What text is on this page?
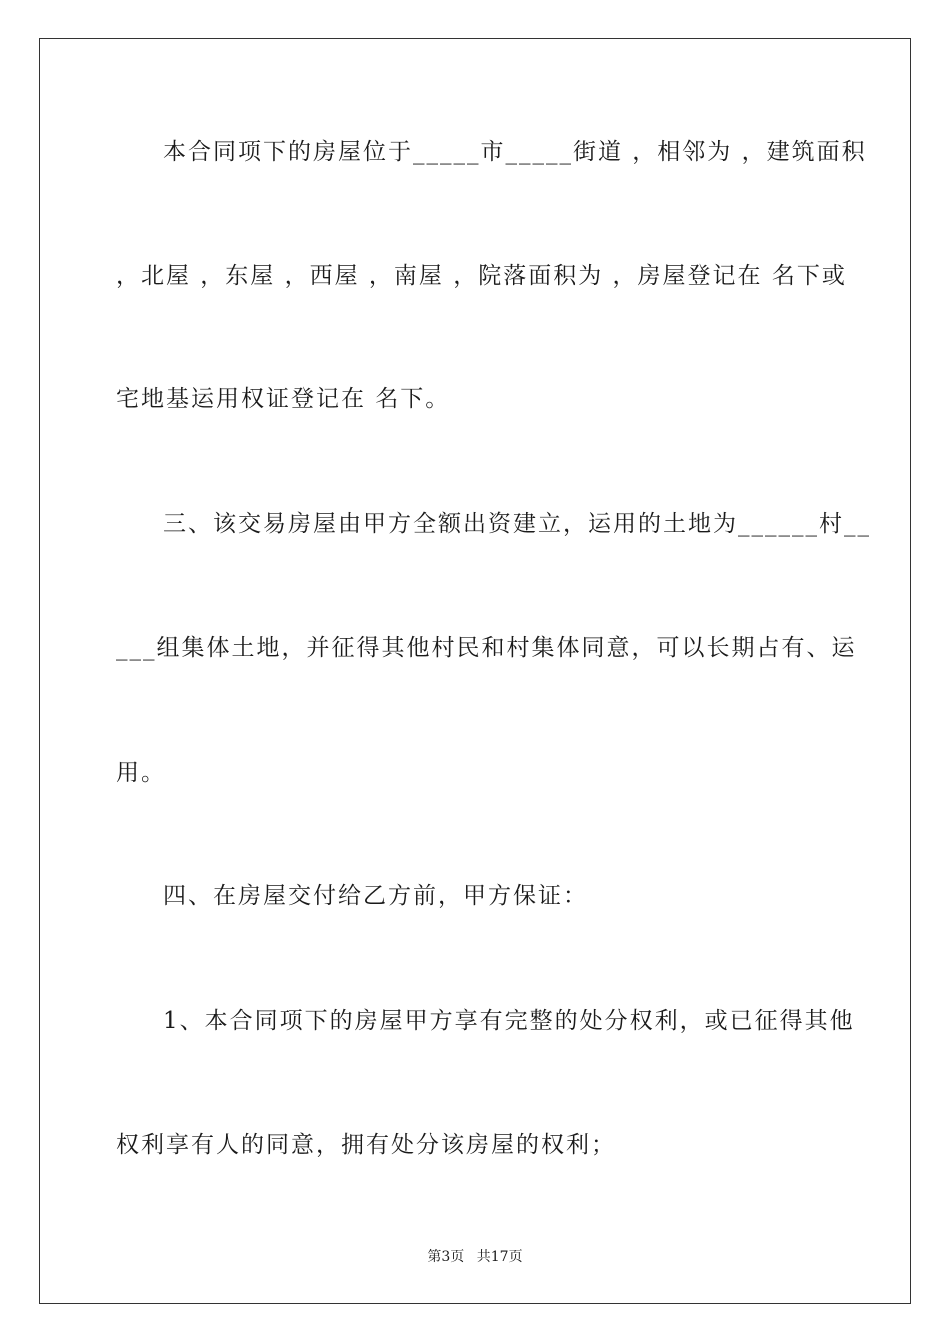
本合同项下的房屋位于_____市_____街道 ，相邻为 ，建筑面积
，北屋 ，东屋 ，西屋 ，南屋 ，院落面积为 ，房屋登记在 名下或
宅地基运用权证登记在 名下。
三、该交易房屋由甲方全额出资建立，运用的土地为______村__
___组集体土地，并征得其他村民和村集体同意，可以长期占有、运
用。
四、在房屋交付给乙方前，甲方保证：
1、本合同项下的房屋甲方享有完整的处分权利，或已征得其他
权利享有人的同意，拥有处分该房屋的权利；
第3页 共17页
